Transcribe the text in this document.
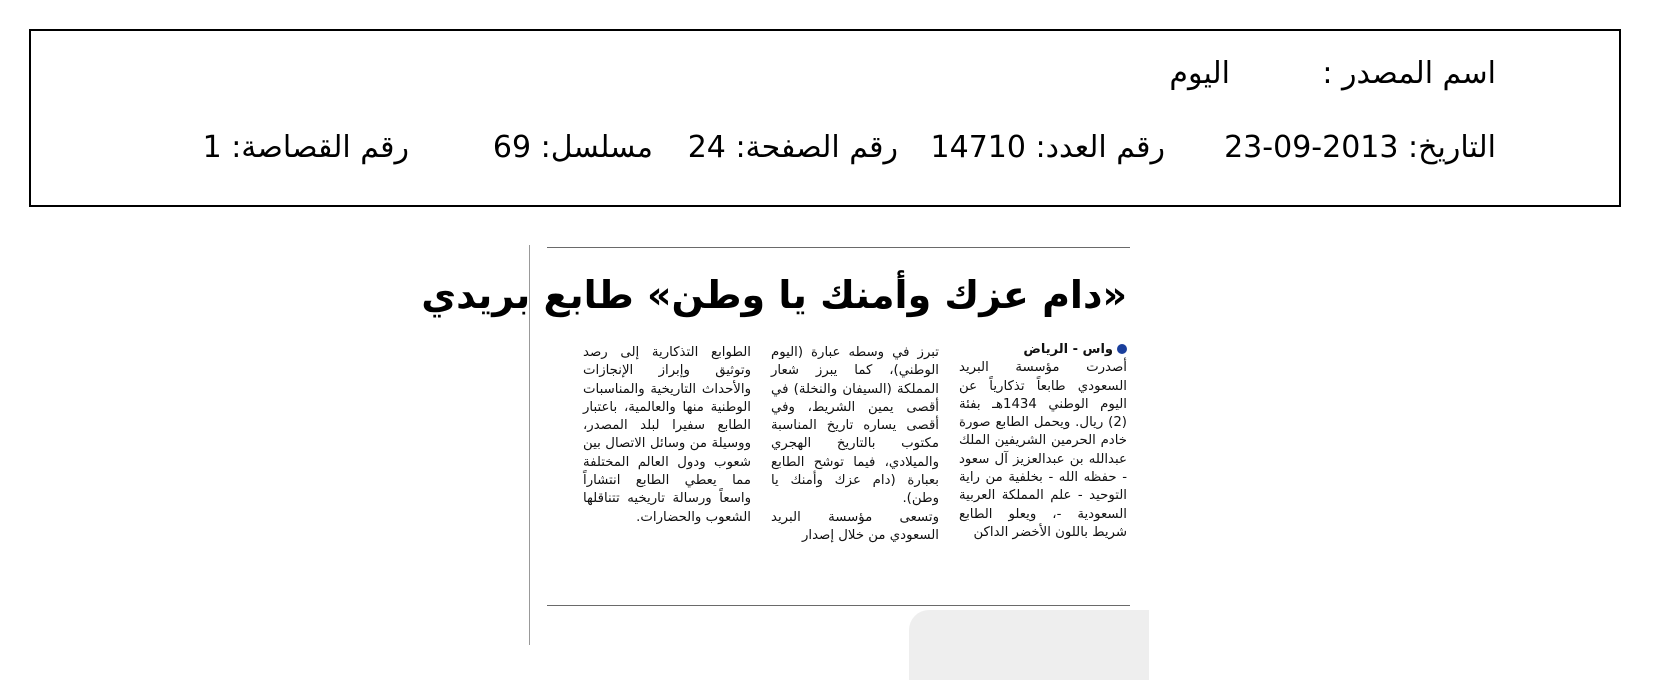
اسم المصدر :
اليوم
التاريخ: 2013-09-23
رقم العدد: 14710
رقم الصفحة: 24
مسلسل: 69
رقم القصاصة: 1
«دام عزك وأمنك يا وطن» طابع بريدي
واس - الرياض

أصدرت مؤسسة البريد السعودي طابعاً تذكارياً عن اليوم الوطني 1434هـ بفئة (2) ريال. ويحمل الطابع صورة خادم الحرمين الشريفين الملك عبدالله بن عبدالعزيز آل سعود - حفظه الله - بخلفية من راية التوحيد - علم المملكة العربية السعودية -، ويعلو الطابع شريط باللون الأخضر الداكن

تبرز في وسطه عبارة (اليوم الوطني)، كما يبرز شعار المملكة (السيفان والنخلة) في أقصى يمين الشريط، وفي أقصى يساره تاريخ المناسبة مكتوب بالتاريخ الهجري والميلادي، فيما توشح الطابع بعبارة (دام عزك وأمنك يا وطن).

وتسعى مؤسسة البريد السعودي من خلال إصدار

الطوابع التذكارية إلى رصد وتوثيق وإبراز الإنجازات والأحداث التاريخية والمناسبات الوطنية منها والعالمية، باعتبار الطابع سفيرا لبلد المصدر، ووسيلة من وسائل الاتصال بين شعوب ودول العالم المختلفة مما يعطي الطابع انتشاراً واسعاً ورسالة تاريخيه تتناقلها الشعوب والحضارات.
